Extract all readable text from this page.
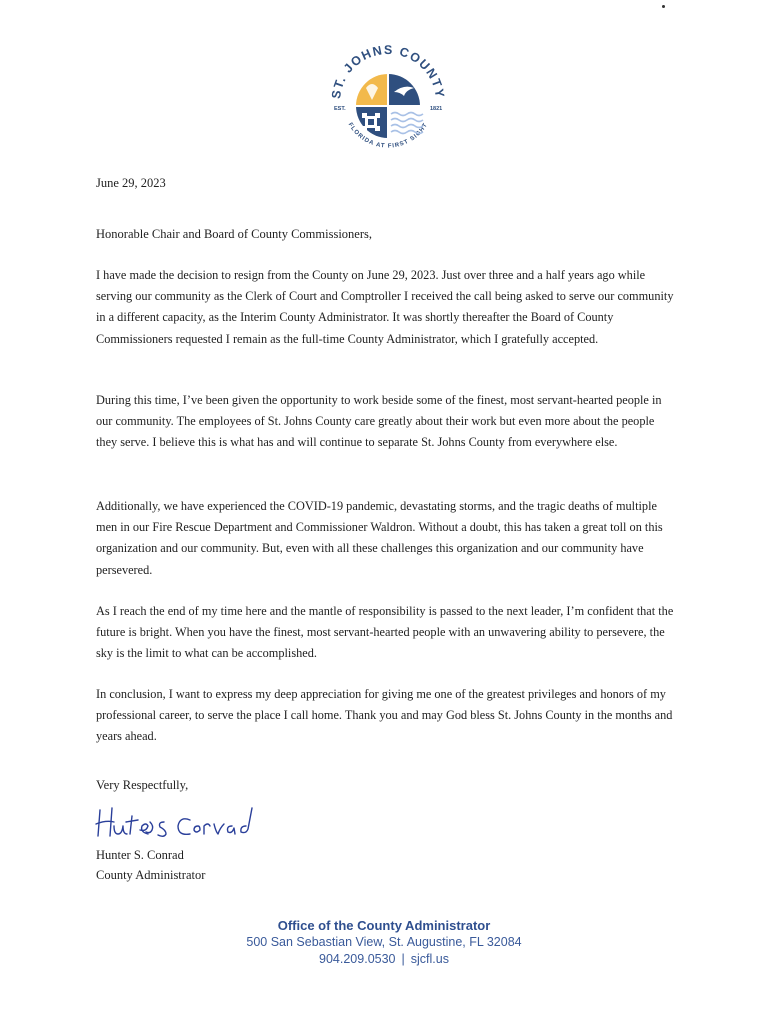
ST. JOHNS COUNTY
FLORIDA AT FIRST SIGHT
EST.	1821
June 29, 2023
Honorable Chair and Board of County Commissioners,

I have made the decision to resign from the County on June 29, 2023. Just over three and a half years ago while serving our community as the Clerk of Court and Comptroller I received the call being asked to serve our community in a different capacity, as the Interim County Administrator. It was shortly thereafter the Board of County Commissioners requested I remain as the full-time County Administrator, which I gratefully accepted.

During this time, I’ve been given the opportunity to work beside some of the finest, most servant-hearted people in our community. The employees of St. Johns County care greatly about their work but even more about the people they serve. I believe this is what has and will continue to separate St. Johns County from everywhere else.

Additionally, we have experienced the COVID-19 pandemic, devastating storms, and the tragic deaths of multiple men in our Fire Rescue Department and Commissioner Waldron. Without a doubt, this has taken a great toll on this organization and our community. But, even with all these challenges this organization and our community have persevered.

As I reach the end of my time here and the mantle of responsibility is passed to the next leader, I’m confident that the future is bright. When you have the finest, most servant-hearted people with an unwavering ability to persevere, the sky is the limit to what can be accomplished.

In conclusion, I want to express my deep appreciation for giving me one of the greatest privileges and honors of my professional career, to serve the place I call home. Thank you and may God bless St. Johns County in the months and years ahead.

Very Respectfully,
Hunter S. Conrad
County Administrator
Office of the County Administrator
500 San Sebastian View, St. Augustine, FL 32084
904.209.0530 | sjcfl.us
